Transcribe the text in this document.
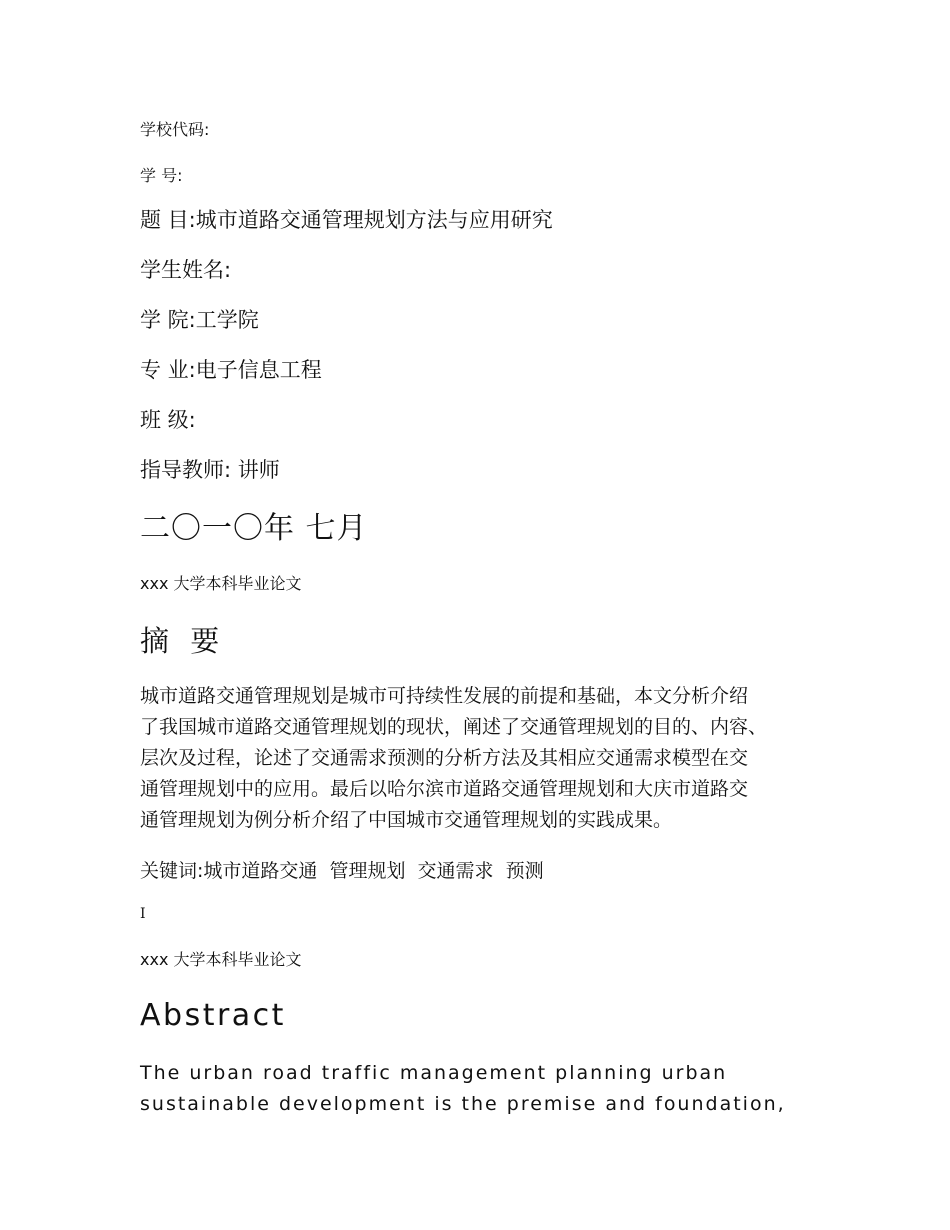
学校代码:
学 号:
题 目:城市道路交通管理规划方法与应用研究
学生姓名:
学 院:工学院
专 业:电子信息工程
班 级:
指导教师: 讲师
二〇一〇年 七月
xxx 大学本科毕业论文
摘 要
城市道路交通管理规划是城市可持续性发展的前提和基础，本文分析介绍
了我国城市道路交通管理规划的现状，阐述了交通管理规划的目的、内容、
层次及过程，论述了交通需求预测的分析方法及其相应交通需求模型在交
通管理规划中的应用。最后以哈尔滨市道路交通管理规划和大庆市道路交
通管理规划为例分析介绍了中国城市交通管理规划的实践成果。
关键词:城市道路交通  管理规划  交通需求  预测
I
xxx 大学本科毕业论文
Abstract
The urban road traffic management planning urban
sustainable development is the premise and foundation,
